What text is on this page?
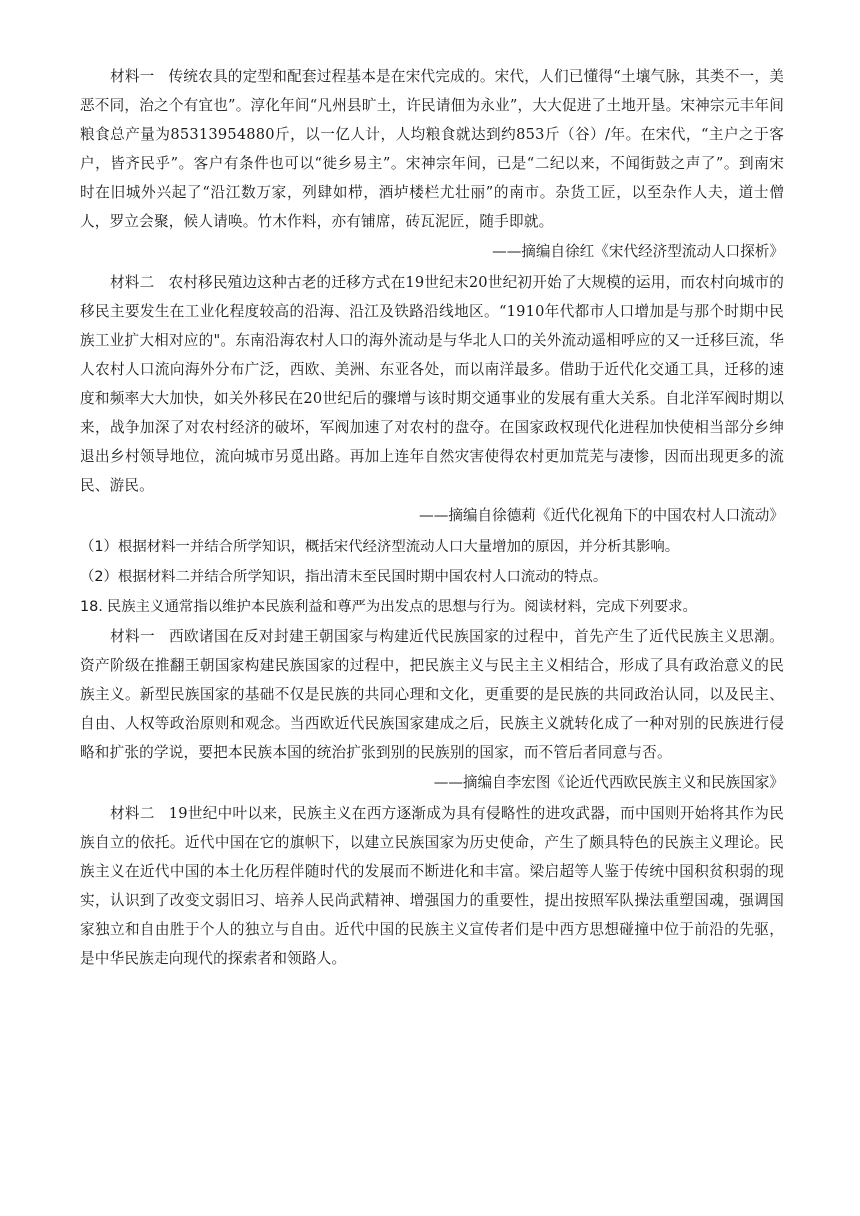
材料一 传统农具的定型和配套过程基本是在宋代完成的。宋代，人们已懂得“土壤气脉，其类不一，美恶不同，治之个有宜也”。淳化年间“凡州县旷土，许民请佃为永业”，大大促进了土地开垦。宋神宗元丰年间粮食总产量为85313954880斤，以一亿人计，人均粮食就达到约853斤（谷）/年。在宋代，“主户之于客户，皆齐民乎”。客户有条件也可以“徙乡易主”。宋神宗年间，已是“二纪以来，不闻街鼓之声了”。到南宋时在旧城外兴起了“沿江数万家，列肆如栉，酒垆楼栏尤壮丽”的南市。杂货工匠，以至杂作人夫，道士僧人，罗立会聚，候人请唤。竹木作料，亦有铺席，砖瓦泥匠，随手即就。

——摘编自徐红《宋代经济型流动人口探析》

材料二 农村移民殖边这种古老的迁移方式在19世纪末20世纪初开始了大规模的运用，而农村向城市的移民主要发生在工业化程度较高的沿海、沿江及铁路沿线地区。“1910年代都市人口增加是与那个时期中民族工业扩大相对应的"。东南沿海农村人口的海外流动是与华北人口的关外流动遥相呼应的又一迁移巨流，华人农村人口流向海外分布广泛，西欧、美洲、东亚各处，而以南洋最多。借助于近代化交通工具，迁移的速度和频率大大加快，如关外移民在20世纪后的骤增与该时期交通事业的发展有重大关系。自北洋军阀时期以来，战争加深了对农村经济的破坏，军阀加速了对农村的盘夺。在国家政权现代化进程加快使相当部分乡绅退出乡村领导地位，流向城市另觅出路。再加上连年自然灾害使得农村更加荒芜与凄惨，因而出现更多的流民、游民。

——摘编自徐德莉《近代化视角下的中国农村人口流动》

（1）根据材料一并结合所学知识，概括宋代经济型流动人口大量增加的原因，并分析其影响。

（2）根据材料二并结合所学知识，指出清末至民国时期中国农村人口流动的特点。

18. 民族主义通常指以维护本民族利益和尊严为出发点的思想与行为。阅读材料，完成下列要求。

材料一 西欧诸国在反对封建王朝国家与构建近代民族国家的过程中，首先产生了近代民族主义思潮。资产阶级在推翻王朝国家构建民族国家的过程中，把民族主义与民主主义相结合，形成了具有政治意义的民族主义。新型民族国家的基础不仅是民族的共同心理和文化，更重要的是民族的共同政治认同，以及民主、自由、人权等政治原则和观念。当西欧近代民族国家建成之后，民族主义就转化成了一种对别的民族进行侵略和扩张的学说，要把本民族本国的统治扩张到别的民族别的国家，而不管后者同意与否。

——摘编自李宏图《论近代西欧民族主义和民族国家》

材料二 19世纪中叶以来，民族主义在西方逐渐成为具有侵略性的进攻武器，而中国则开始将其作为民族自立的依托。近代中国在它的旗帜下，以建立民族国家为历史使命，产生了颇具特色的民族主义理论。民族主义在近代中国的本土化历程伴随时代的发展而不断进化和丰富。梁启超等人鉴于传统中国积贫积弱的现实，认识到了改变文弱旧习、培养人民尚武精神、增强国力的重要性，提出按照军队操法重塑国魂，强调国家独立和自由胜于个人的独立与自由。近代中国的民族主义宣传者们是中西方思想碰撞中位于前沿的先驱，是中华民族走向现代的探索者和领路人。
